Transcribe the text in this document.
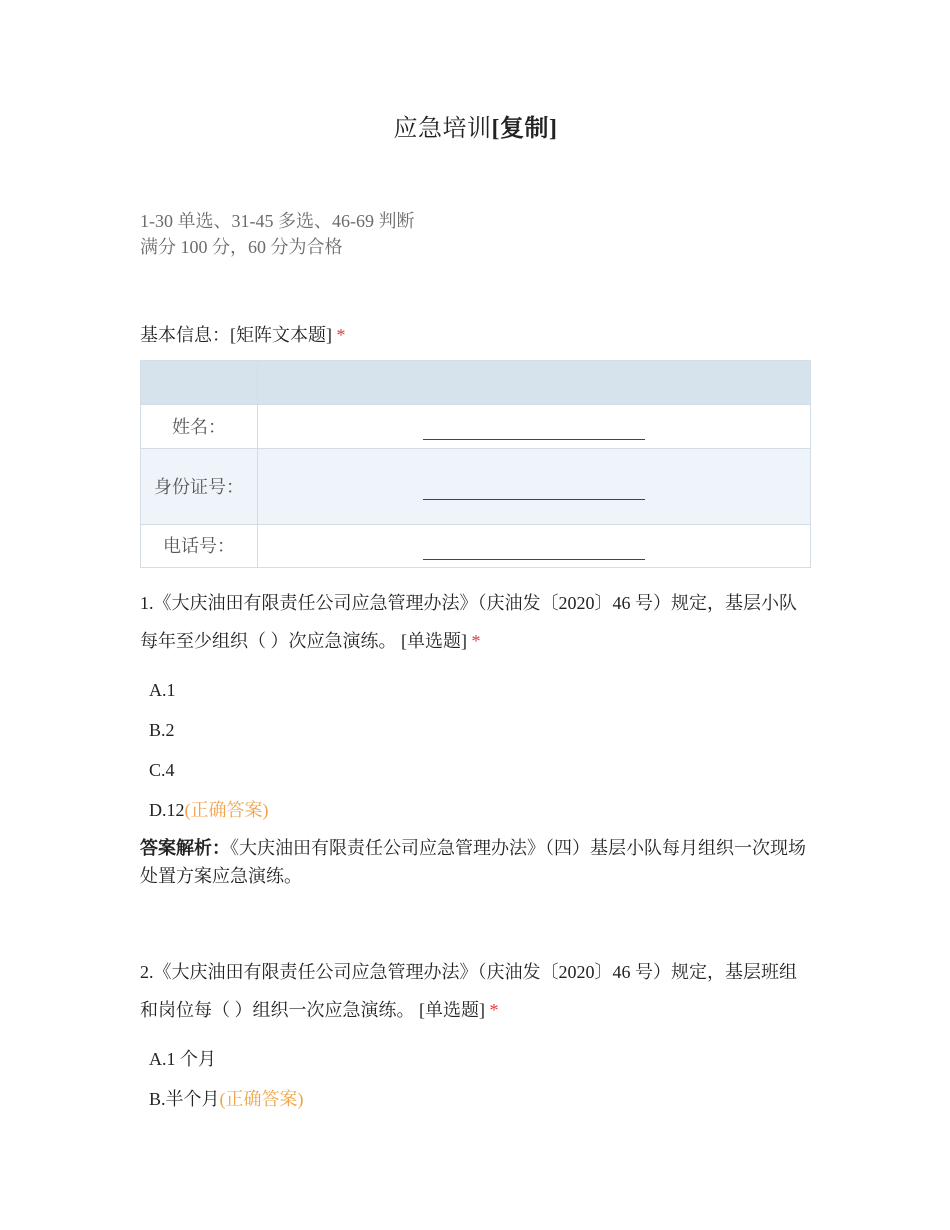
应急培训[复制]
1-30 单选、31-45 多选、46-69 判断
满分 100 分，60 分为合格
基本信息：[矩阵文本题] *

姓名：	
身份证号：	
电话号：	
1.《大庆油田有限责任公司应急管理办法》（庆油发〔2020〕46 号）规定，基层小队每年至少组织（ ）次应急演练。 [单选题] *
A.1
B.2
C.4
D.12(正确答案)
答案解析：《大庆油田有限责任公司应急管理办法》（四）基层小队每月组织一次现场处置方案应急演练。
2.《大庆油田有限责任公司应急管理办法》（庆油发〔2020〕46 号）规定，基层班组和岗位每（ ）组织一次应急演练。 [单选题] *
A.1 个月
B.半个月(正确答案)
